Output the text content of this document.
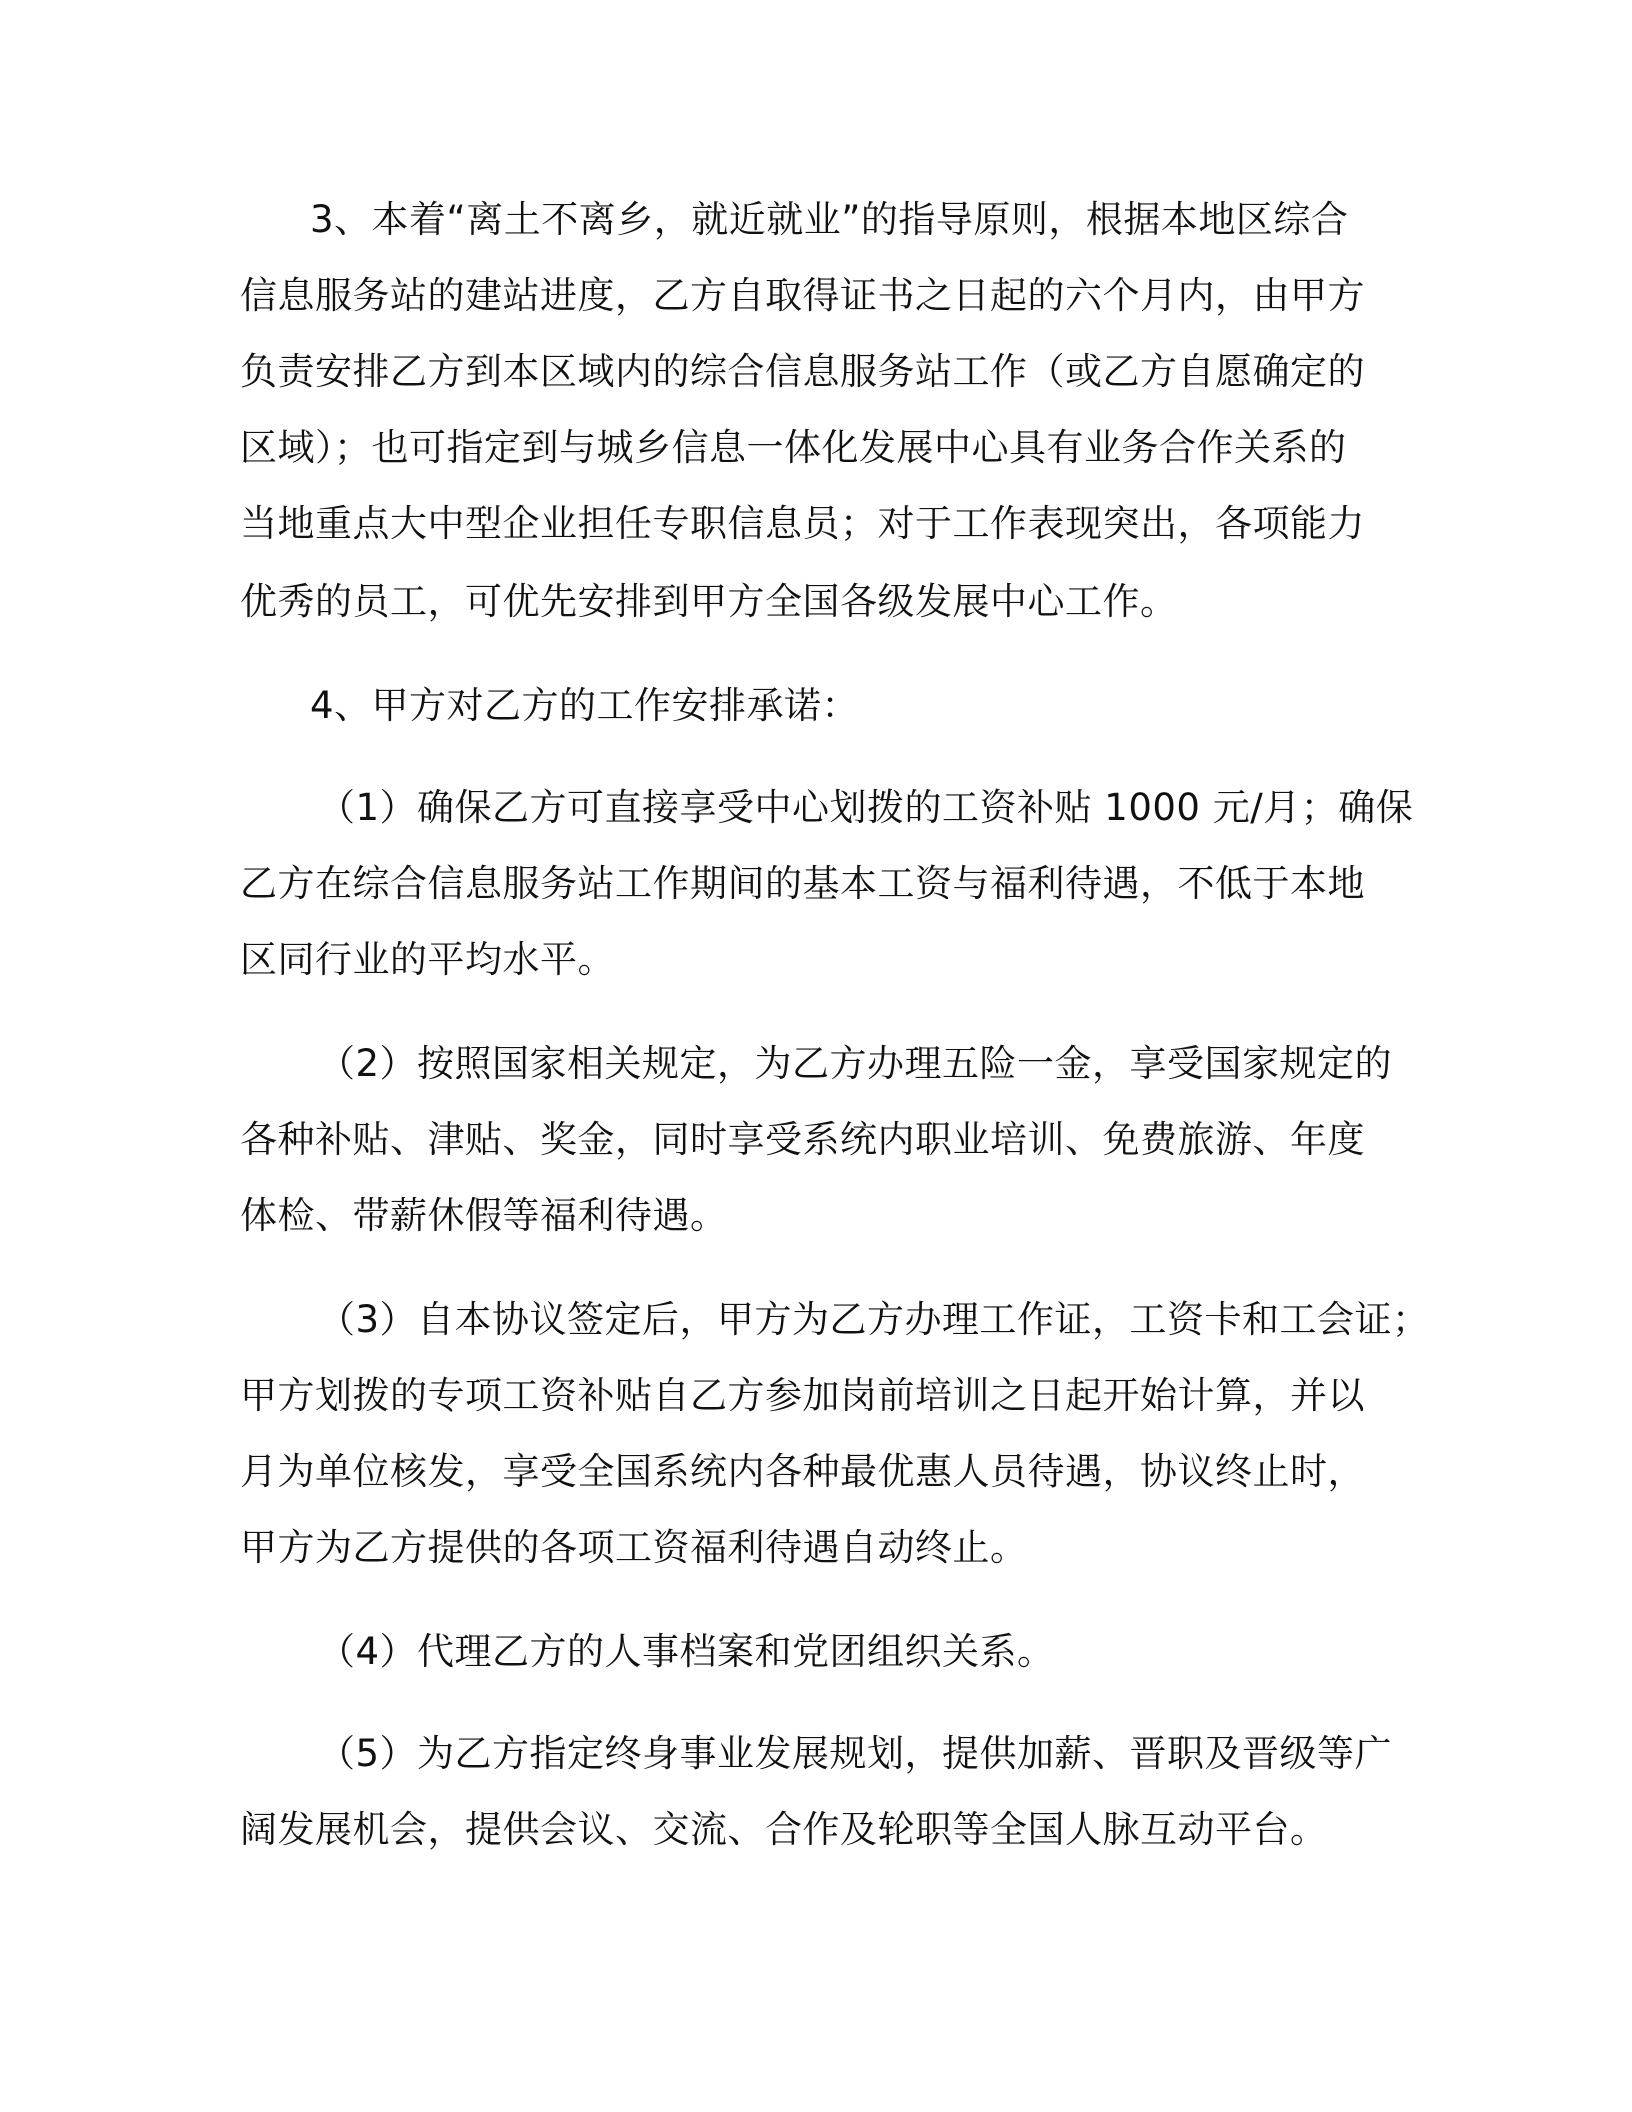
3、本着“离土不离乡，就近就业”的指导原则，根据本地区综合
信息服务站的建站进度，乙方自取得证书之日起的六个月内，由甲方
负责安排乙方到本区域内的综合信息服务站工作（或乙方自愿确定的
区域）；也可指定到与城乡信息一体化发展中心具有业务合作关系的
当地重点大中型企业担任专职信息员；对于工作表现突出，各项能力
优秀的员工，可优先安排到甲方全国各级发展中心工作。
4、甲方对乙方的工作安排承诺：
（1）确保乙方可直接享受中心划拨的工资补贴 1000 元/月；确保
乙方在综合信息服务站工作期间的基本工资与福利待遇，不低于本地
区同行业的平均水平。
（2）按照国家相关规定，为乙方办理五险一金，享受国家规定的
各种补贴、津贴、奖金，同时享受系统内职业培训、免费旅游、年度
体检、带薪休假等福利待遇。
（3）自本协议签定后，甲方为乙方办理工作证，工资卡和工会证；
甲方划拨的专项工资补贴自乙方参加岗前培训之日起开始计算，并以
月为单位核发，享受全国系统内各种最优惠人员待遇，协议终止时，
甲方为乙方提供的各项工资福利待遇自动终止。
（4）代理乙方的人事档案和党团组织关系。
（5）为乙方指定终身事业发展规划，提供加薪、晋职及晋级等广
阔发展机会，提供会议、交流、合作及轮职等全国人脉互动平台。
